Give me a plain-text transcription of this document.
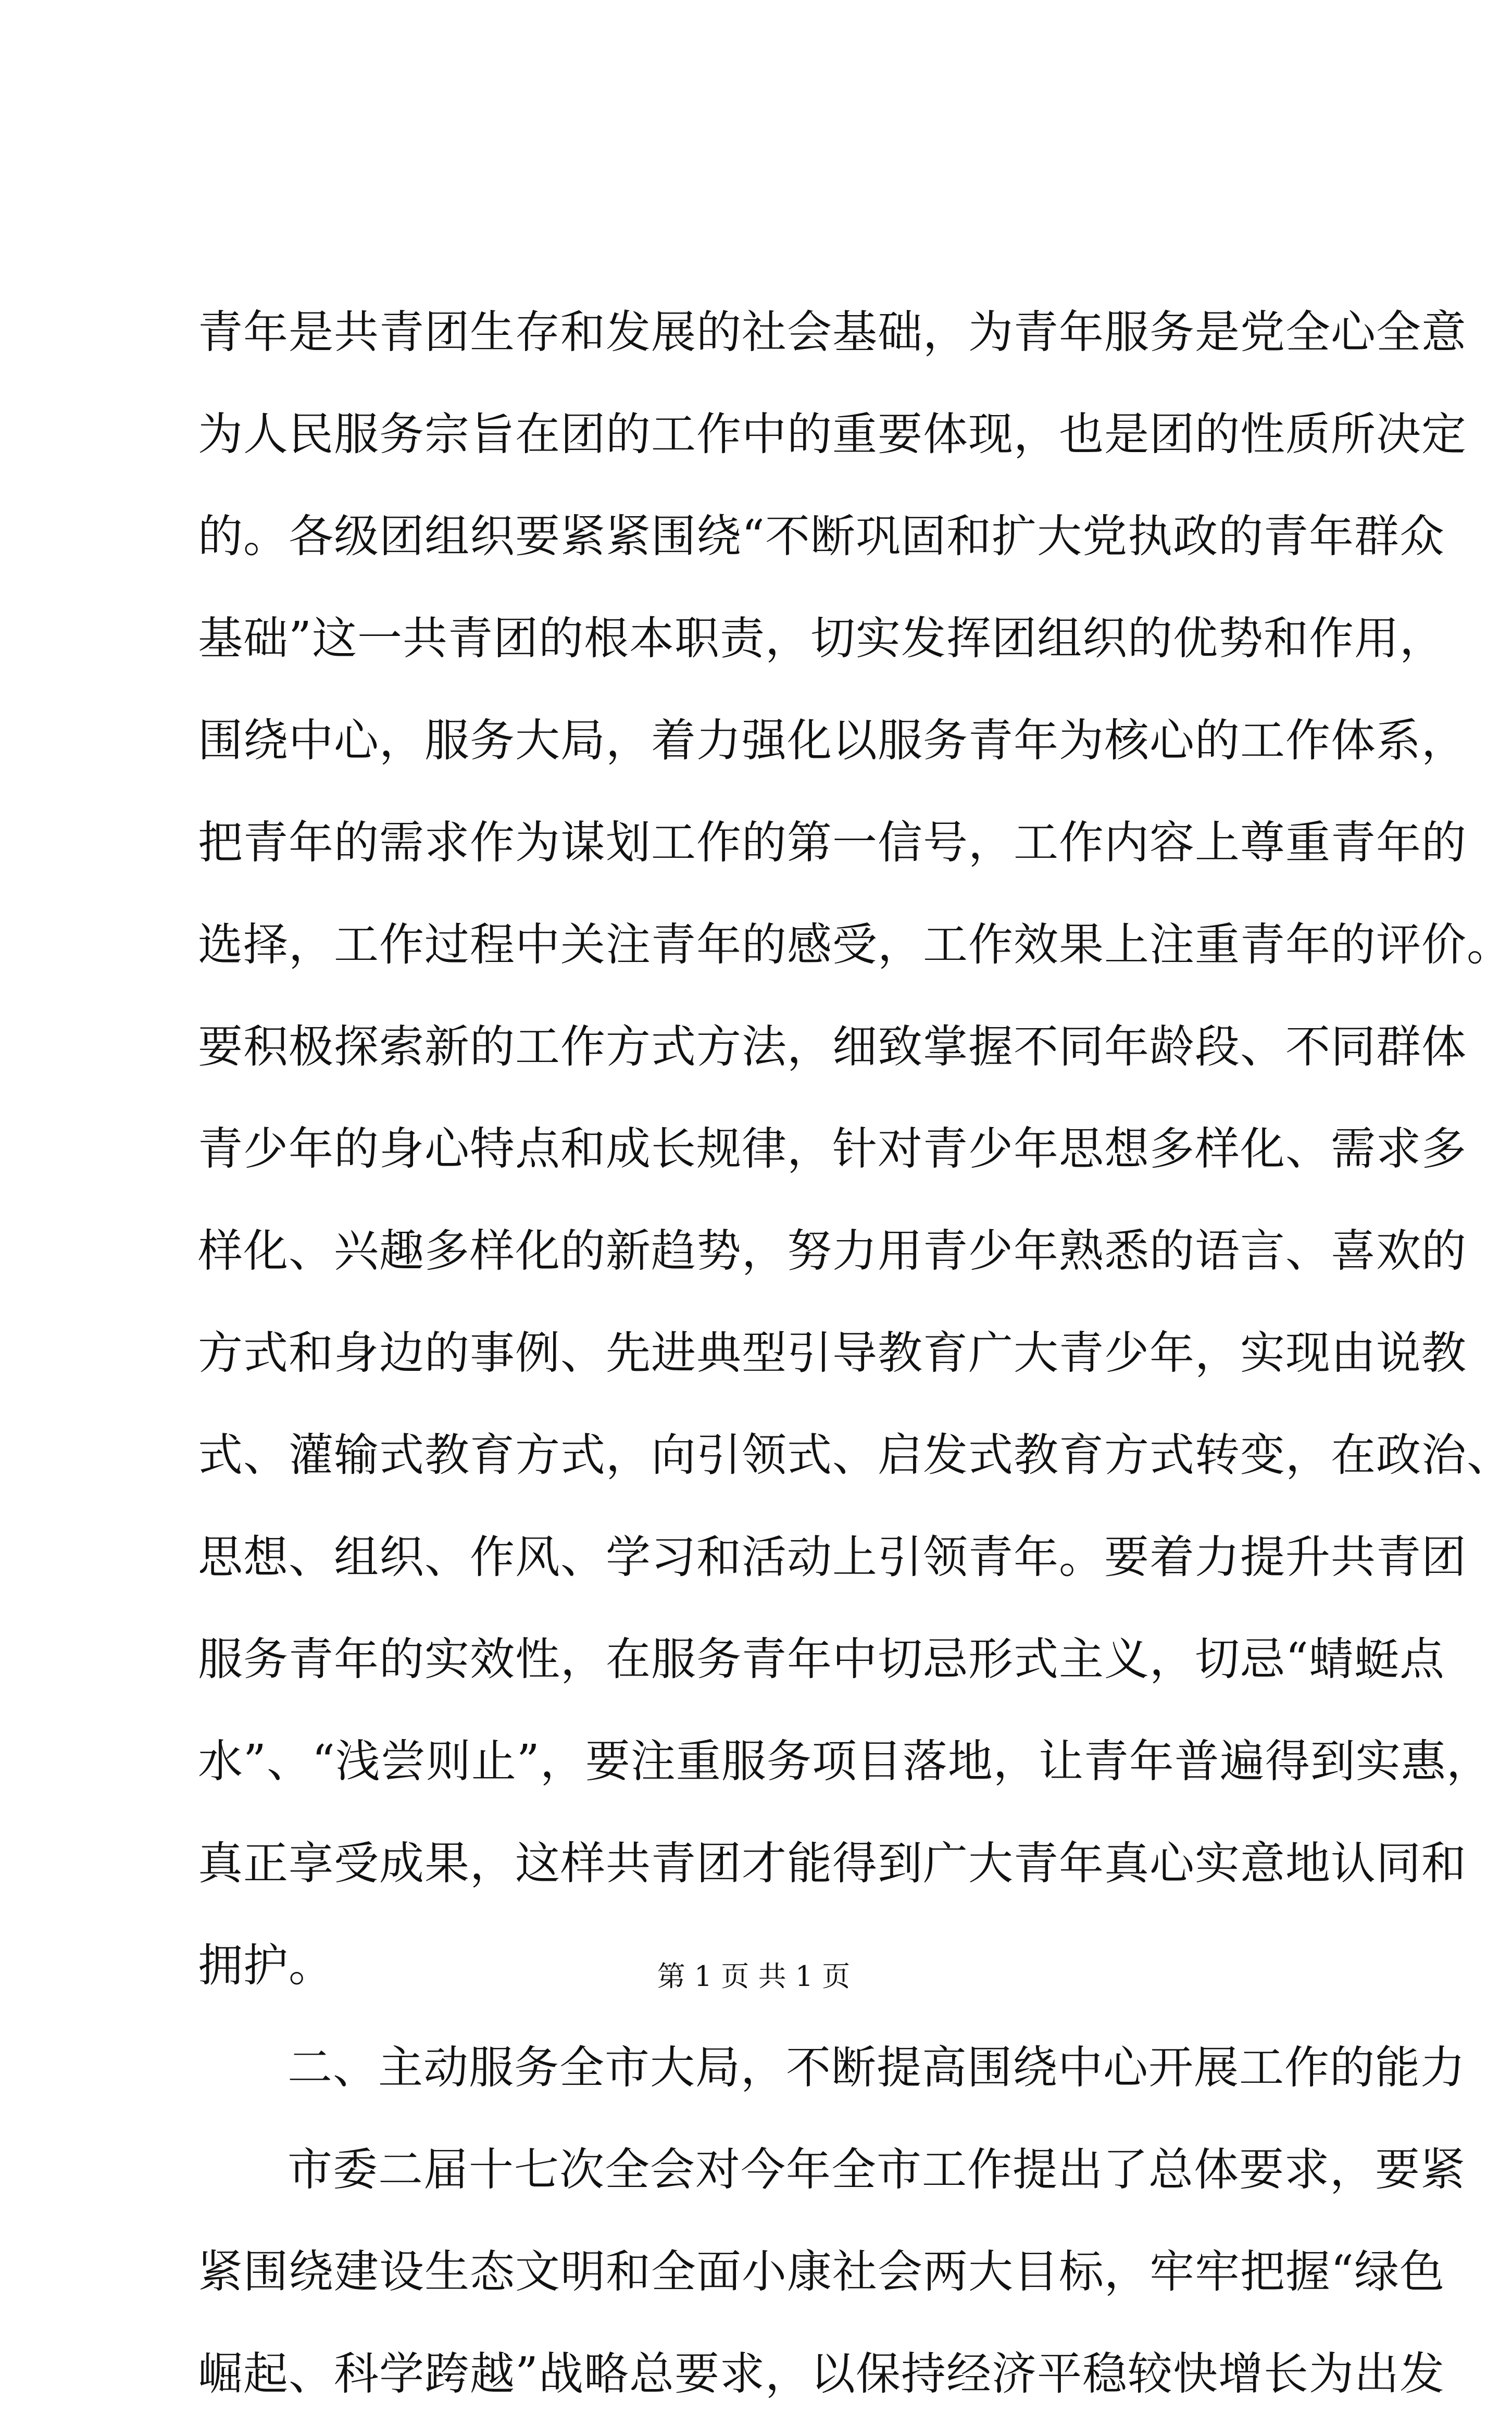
青年是共青团生存和发展的社会基础，为青年服务是党全心全意
为人民服务宗旨在团的工作中的重要体现，也是团的性质所决定
的。各级团组织要紧紧围绕“不断巩固和扩大党执政的青年群众
基础”这一共青团的根本职责，切实发挥团组织的优势和作用，
围绕中心，服务大局，着力强化以服务青年为核心的工作体系，
把青年的需求作为谋划工作的第一信号，工作内容上尊重青年的
选择，工作过程中关注青年的感受，工作效果上注重青年的评价。
要积极探索新的工作方式方法，细致掌握不同年龄段、不同群体
青少年的身心特点和成长规律，针对青少年思想多样化、需求多
样化、兴趣多样化的新趋势，努力用青少年熟悉的语言、喜欢的
方式和身边的事例、先进典型引导教育广大青少年，实现由说教
式、灌输式教育方式，向引领式、启发式教育方式转变，在政治、
思想、组织、作风、学习和活动上引领青年。要着力提升共青团
服务青年的实效性，在服务青年中切忌形式主义，切忌“蜻蜓点
水”、“浅尝则止”，要注重服务项目落地，让青年普遍得到实惠，
真正享受成果，这样共青团才能得到广大青年真心实意地认同和
拥护。
二、主动服务全市大局，不断提高围绕中心开展工作的能力
市委二届十七次全会对今年全市工作提出了总体要求，要紧
紧围绕建设生态文明和全面小康社会两大目标，牢牢把握“绿色
崛起、科学跨越”战略总要求，以保持经济平稳较快增长为出发
第 1 页 共 1 页
